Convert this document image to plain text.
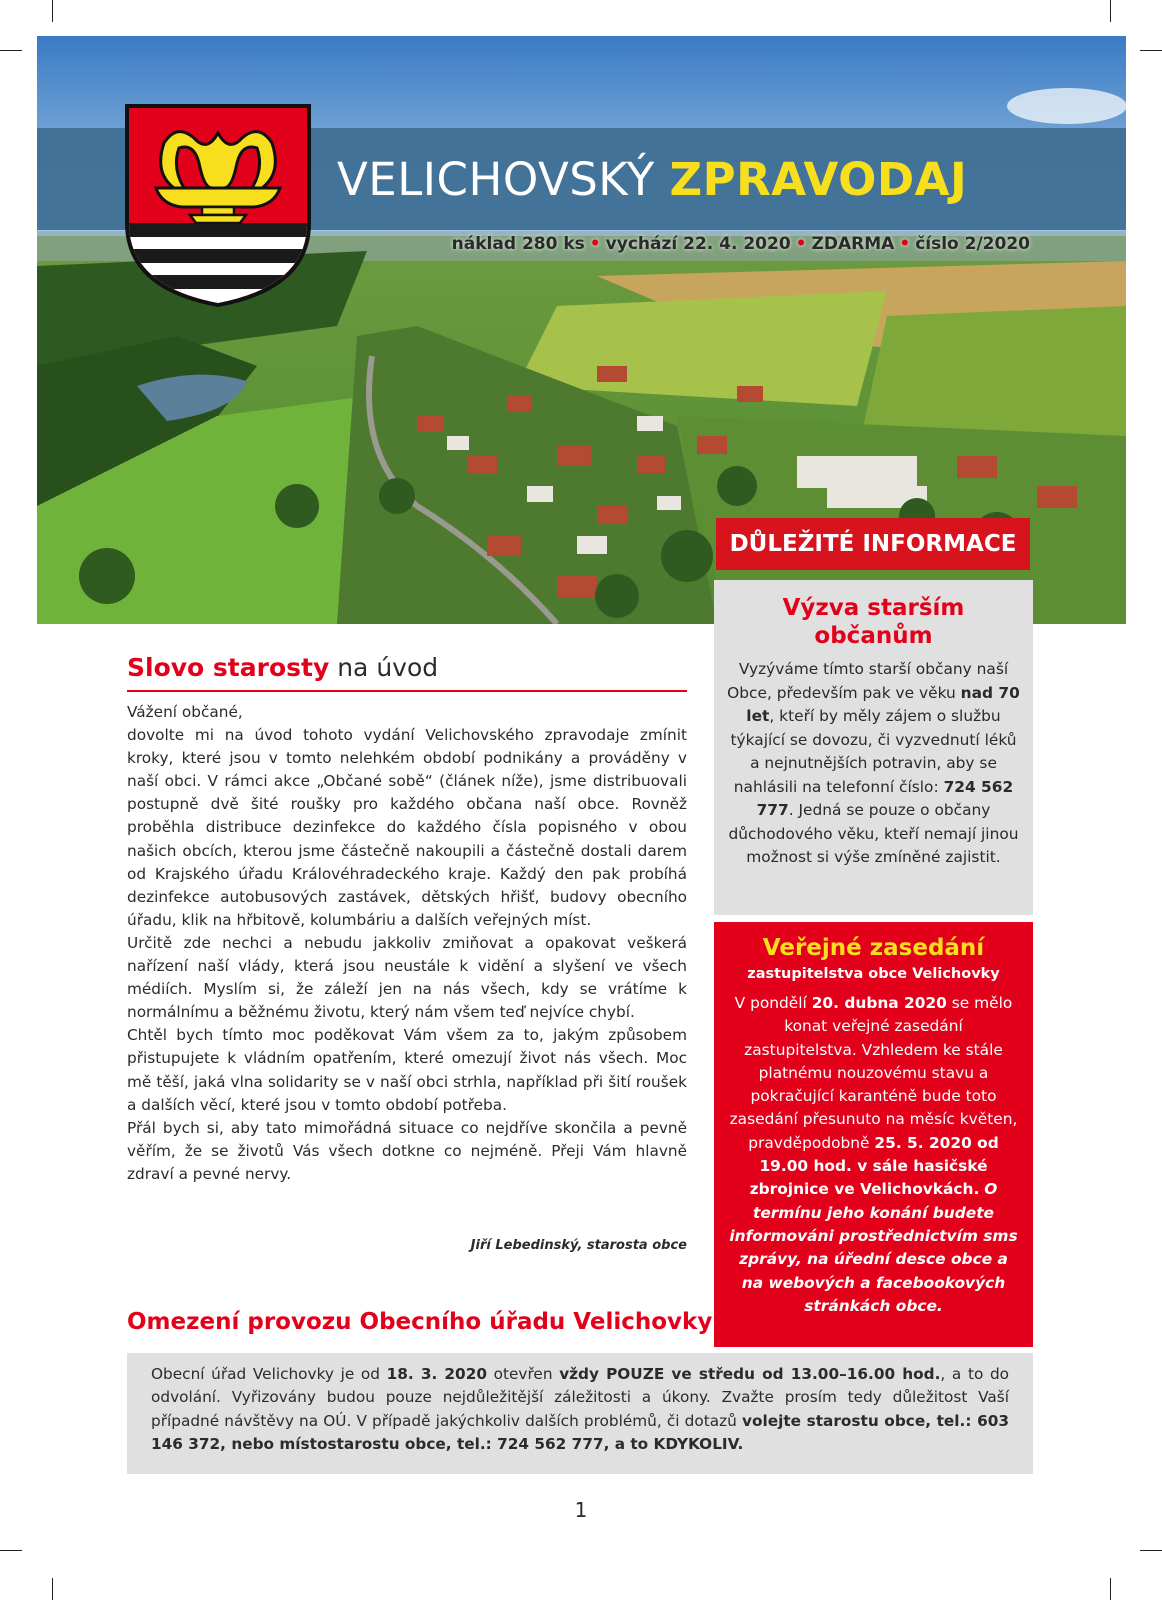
VELICHOVSKÝ ZPRAVODAJ
náklad 280 ks • vychází 22. 4. 2020 • ZDARMA • číslo 2/2020
DŮLEŽITÉ INFORMACE
Výzva starším občanům
Vyzýváme tímto starší občany naší Obce, především pak ve věku nad 70 let, kteří by měly zájem o službu týkající se dovozu, či vyzvednutí léků a nejnutnějších potravin, aby se nahlásili na telefonní číslo: 724 562 777. Jedná se pouze o občany důchodového věku, kteří nemají jinou možnost si výše zmíněné zajistit.
Veřejné zasedání
zastupitelstva obce Velichovky
V pondělí 20. dubna 2020 se mělo konat veřejné zasedání zastupitelstva. Vzhledem ke stále platnému nouzovému stavu a pokračující karanténě bude toto zasedání přesunuto na měsíc květen, pravděpodobně 25. 5. 2020 od 19.00 hod. v sále hasičské zbrojnice ve Velichovkách. O termínu jeho konání budete informováni prostřednictvím sms zprávy, na úřední desce obce a na webových a facebookových stránkách obce.
Slovo starosty na úvod

Vážení občané,

dovolte mi na úvod tohoto vydání Velichovského zpravodaje zmínit kroky, které jsou v tomto nelehkém období podnikány a prováděny v naší obci. V rámci akce „Občané sobě“ (článek níže), jsme distribuovali postupně dvě šité roušky pro každého občana naší obce. Rovněž proběhla distribuce dezinfekce do každého čísla popisného v obou našich obcích, kterou jsme částečně nakoupili a částečně dostali darem od Krajského úřadu Královéhradeckého kraje. Každý den pak probíhá dezinfekce autobusových zastávek, dětských hřišť, budovy obecního úřadu, klik na hřbitově, kolumbáriu a dalších veřejných míst.

Určitě zde nechci a nebudu jakkoliv zmiňovat a opakovat veškerá nařízení naší vlády, která jsou neustále k vidění a slyšení ve všech médiích. Myslím si, že záleží jen na nás všech, kdy se vrátíme k normálnímu a běžnému životu, který nám všem teď nejvíce chybí.

Chtěl bych tímto moc poděkovat Vám všem za to, jakým způsobem přistupujete k vládním opatřením, které omezují život nás všech. Moc mě těší, jaká vlna solidarity se v naší obci strhla, například při šití roušek a dalších věcí, které jsou v tomto období potřeba.

Přál bych si, aby tato mimořádná situace co nejdříve skončila a pevně věřím, že se životů Vás všech dotkne co nejméně. Přeji Vám hlavně zdraví a pevné nervy.

Jiří Lebedinský, starosta obce
Omezení provozu Obecního úřadu Velichovky
Obecní úřad Velichovky je od 18. 3. 2020 otevřen vždy POUZE ve středu od 13.00–16.00 hod., a to do odvolání. Vyřizovány budou pouze nejdůležitější záležitosti a úkony. Zvažte prosím tedy důležitost Vaší případné návštěvy na OÚ. V případě jakýchkoliv dalších problémů, či dotazů volejte starostu obce, tel.: 603 146 372, nebo místostarostu obce, tel.: 724 562 777, a to KDYKOLIV.
1
